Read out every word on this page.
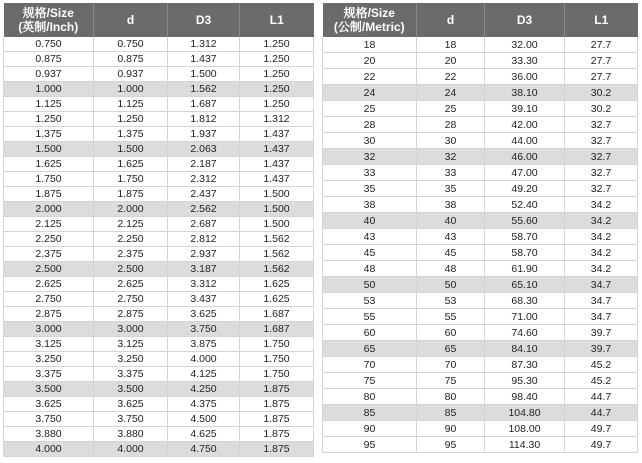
规格/Size
(英制/Inch)	d	D3	L1
0.750	0.750	1.312	1.250
0.875	0.875	1.437	1.250
0.937	0.937	1.500	1.250
1.000	1.000	1.562	1.250
1.125	1.125	1.687	1.250
1.250	1.250	1.812	1.312
1.375	1.375	1.937	1.437
1.500	1.500	2.063	1.437
1.625	1.625	2.187	1.437
1.750	1.750	2.312	1.437
1.875	1.875	2.437	1.500
2.000	2.000	2.562	1.500
2.125	2.125	2.687	1.500
2.250	2.250	2.812	1.562
2.375	2.375	2.937	1.562
2.500	2.500	3.187	1.562
2.625	2.625	3.312	1.625
2.750	2.750	3.437	1.625
2.875	2.875	3.625	1.687
3.000	3.000	3.750	1.687
3.125	3.125	3.875	1.750
3.250	3.250	4.000	1.750
3.375	3.375	4.125	1.750
3.500	3.500	4.250	1.875
3.625	3.625	4.375	1.875
3.750	3.750	4.500	1.875
3.880	3.880	4.625	1.875
4.000	4.000	4.750	1.875
规格/Size
(公制/Metric)	d	D3	L1
18	18	32.00	27.7
20	20	33.30	27.7
22	22	36.00	27.7
24	24	38.10	30.2
25	25	39.10	30.2
28	28	42.00	32.7
30	30	44.00	32.7
32	32	46.00	32.7
33	33	47.00	32.7
35	35	49.20	32.7
38	38	52.40	34.2
40	40	55.60	34.2
43	43	58.70	34.2
45	45	58.70	34.2
48	48	61.90	34.2
50	50	65.10	34.7
53	53	68.30	34.7
55	55	71.00	34.7
60	60	74.60	39.7
65	65	84.10	39.7
70	70	87.30	45.2
75	75	95.30	45.2
80	80	98.40	44.7
85	85	104.80	44.7
90	90	108.00	49.7
95	95	114.30	49.7
